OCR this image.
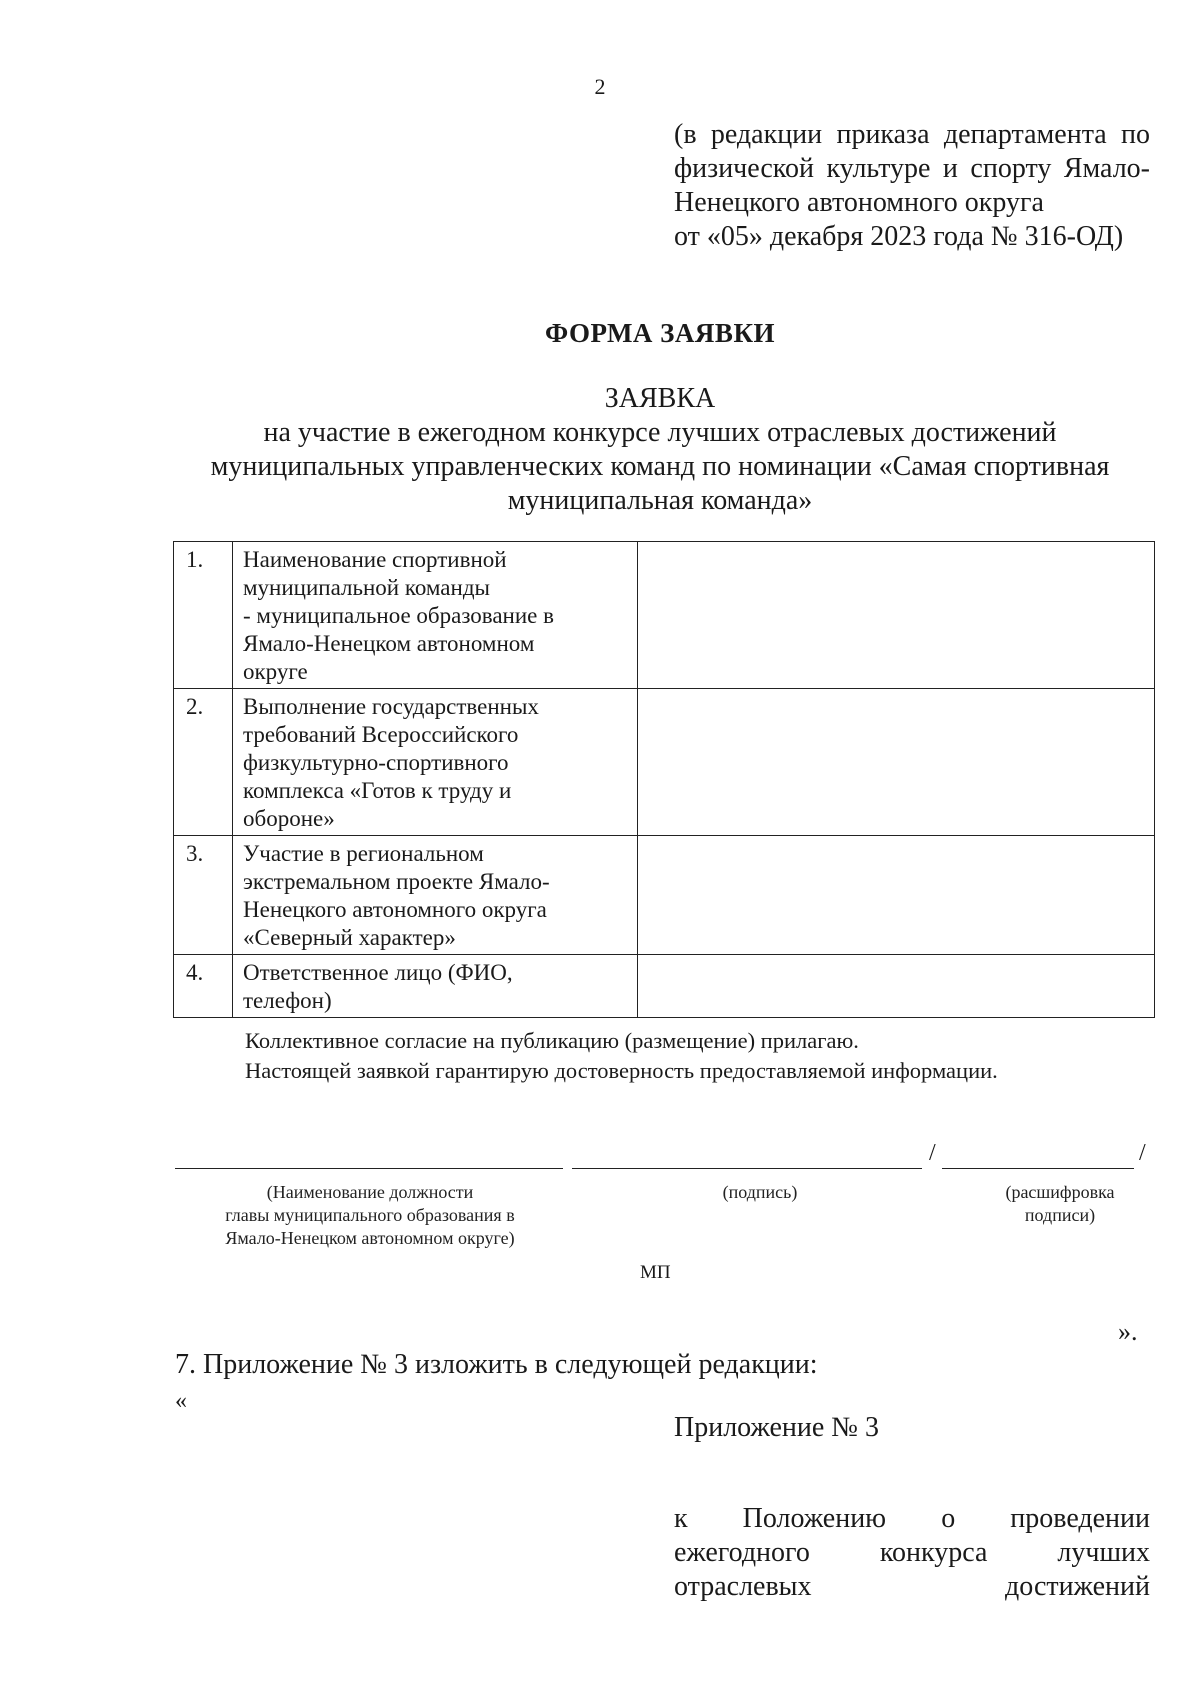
2
(в редакции приказа департамента по
физической культуре и спорту Ямало-
Ненецкого автономного округа
от «05» декабря 2023 года № 316-ОД)
ФОРМА ЗАЯВКИ
ЗАЯВКА
на участие в ежегодном конкурсе лучших отраслевых достижений
муниципальных управленческих команд по номинации «Самая спортивная
муниципальная команда»
1.	Наименование спортивной
муниципальной команды
- муниципальное образование в
Ямало-Ненецком автономном
округе	

2.	Выполнение государственных
требований Всероссийского
физкультурно-спортивного
комплекса «Готов к труду и
обороне»	

3.	Участие в региональном
экстремальном проекте Ямало-
Ненецкого автономного округа
«Северный характер»	

4.	Ответственное лицо (ФИО,
телефон)	

Коллективное согласие на публикацию (размещение) прилагаю.
Настоящей заявкой гарантирую достоверность предоставляемой информации.
/	/
(Наименование должности
главы муниципального образования в
Ямало-Ненецком автономном округе)
(подпись)	(расшифровка
подписи)
МП
».
7. Приложение № 3 изложить в следующей редакции:
«
Приложение № 3
к Положению о проведении
ежегодного конкурса лучших
отраслевых достижений
